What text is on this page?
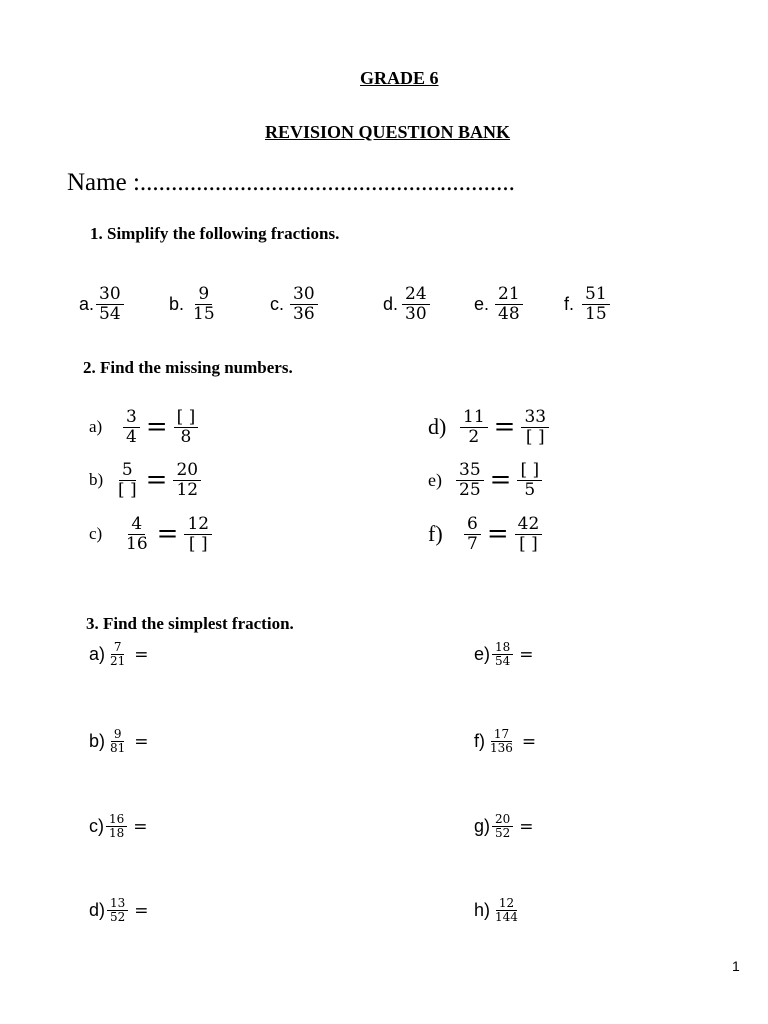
GRADE 6
REVISION QUESTION BANK
Name :............................................................
1. Simplify the following fractions.
a. $\frac{30}{54}$	b. $\frac{9}{15}$	c. $\frac{30}{36}$	d. $\frac{24}{30} e$. $\frac{21}{48} f$. $\frac{51}{15}$
2. Find the missing numbers.
a)	$\frac{3}{4} = \frac{[ ]}{8}$
$b) \frac{5}{[ ]} = \frac{20}{12}$
c)	$\frac{4}{16} = \frac{12}{[ ]}$
$d) \frac{11}{2} = \frac{33}{[ ]}$
$e) \frac{35}{25} = \frac{[ ]}{5}$
f)	$\frac{6}{7} = \frac{42}{[ ]}$
3. Find the simplest fraction.
$a) \frac{7}{21}$ =
$b) \frac{9}{81}$ =
$c) \frac{16}{18}$ =
$d) \frac{13}{52}$ =
$e) \frac{18}{54}$ =
$f) \frac{17}{136}$ =
$g) \frac{20}{52}$ =
$h) \frac{12}{144}$
1
